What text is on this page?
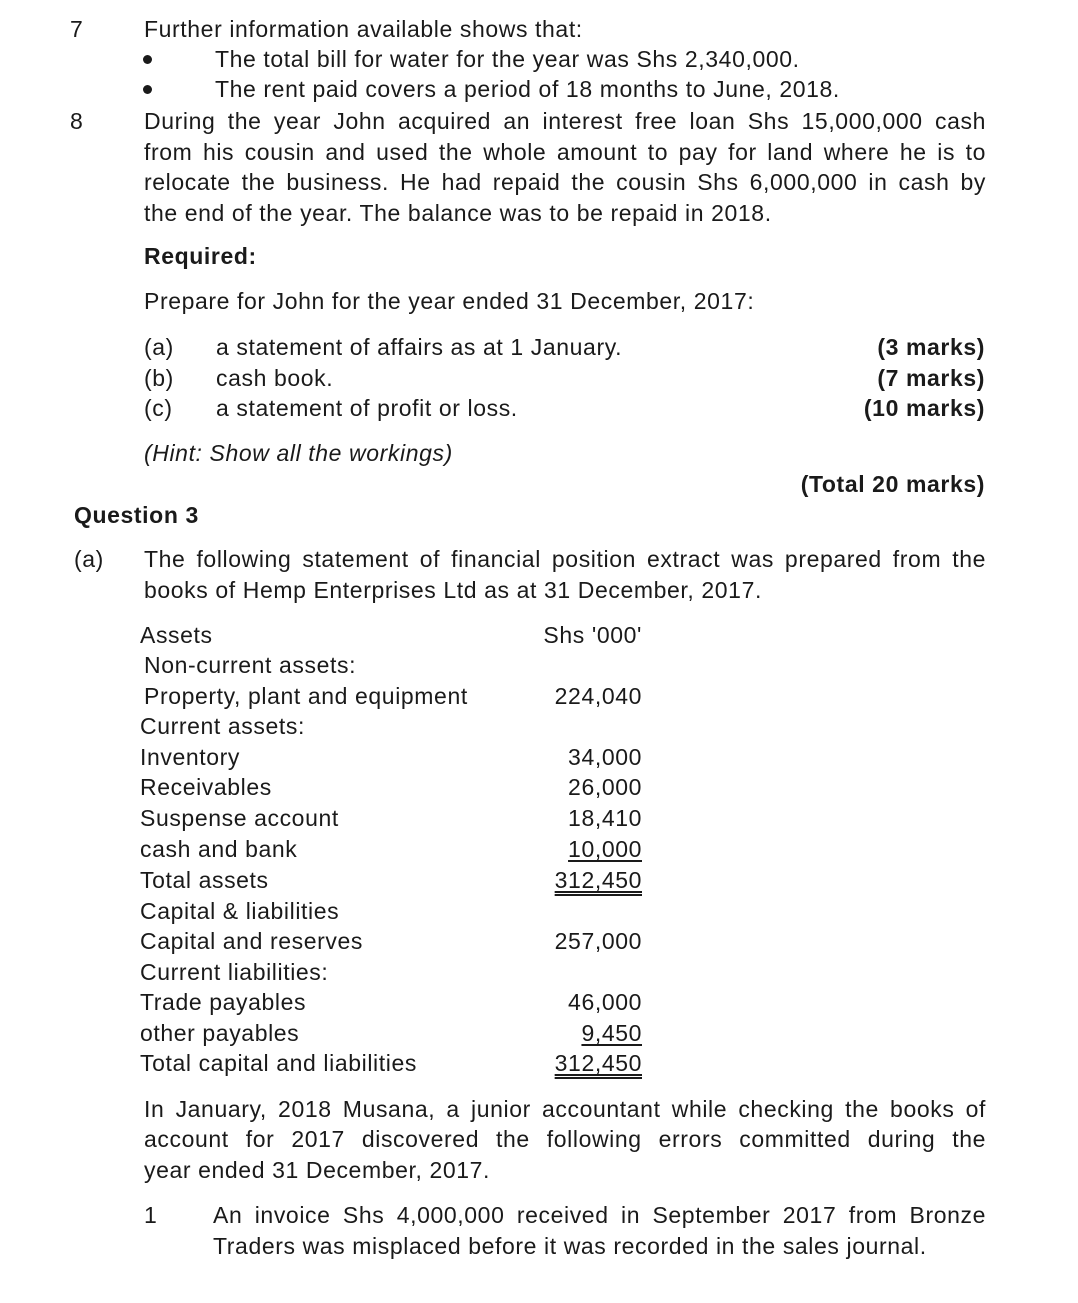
7	Further information available shows that:
The total bill for water for the year was Shs 2,340,000.
The rent paid covers a period of 18 months to June, 2018.
8	During the year John acquired an interest free loan Shs 15,000,000 cash
from his cousin and used the whole amount to pay for land where he is to
relocate the business. He had repaid the cousin Shs 6,000,000 in cash by
the end of the year. The balance was to be repaid in 2018.
Required:
Prepare for John for the year ended 31 December, 2017:
(a) a statement of affairs as at 1 January.	(3 marks)
(b) cash book.	(7 marks)
(c) a statement of profit or loss.	(10 marks)
(Hint: Show all the workings)
(Total 20 marks)
Question 3
(a) The following statement of financial position extract was prepared from the
books of Hemp Enterprises Ltd as at 31 December, 2017.
Assets	Shs '000'
Non-current assets:
Property, plant and equipment	224,040
Current assets:
Inventory	34,000
Receivables	26,000
Suspense account	18,410
cash and bank	10,000
Total assets	312,450
Capital & liabilities
Capital and reserves	257,000
Current liabilities:
Trade payables	46,000
other payables	9,450
Total capital and liabilities	312,450
In January, 2018 Musana, a junior accountant while checking the books of
account for 2017 discovered the following errors committed during the
year ended 31 December, 2017.
1 An invoice Shs 4,000,000 received in September 2017 from Bronze
Traders was misplaced before it was recorded in the sales journal.
